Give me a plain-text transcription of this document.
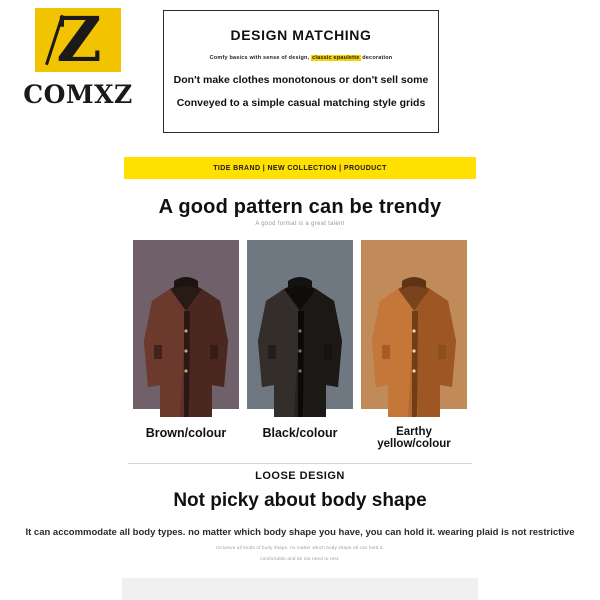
Z
COMXZ
DESIGN MATCHING
Comfy basics with sense of design, classic epaulette decoration
Don't make clothes monotonous or don't sell some
Conveyed to a simple casual matching style grids
TIDE BRAND | NEW COLLECTION | PROUDUCT
A good pattern can be trendy
A good format is a great talent
Brown/colour	Black/colour	Earthy yellow/colour
LOOSE DESIGN
Not picky about body shape
It can accommodate all body types. no matter which body shape you have, you can hold it. wearing plaid is not restrictive
Inclusive all kinds of body shape, no matter which body shape all can hold it,
comfortable and do not need to rest.
